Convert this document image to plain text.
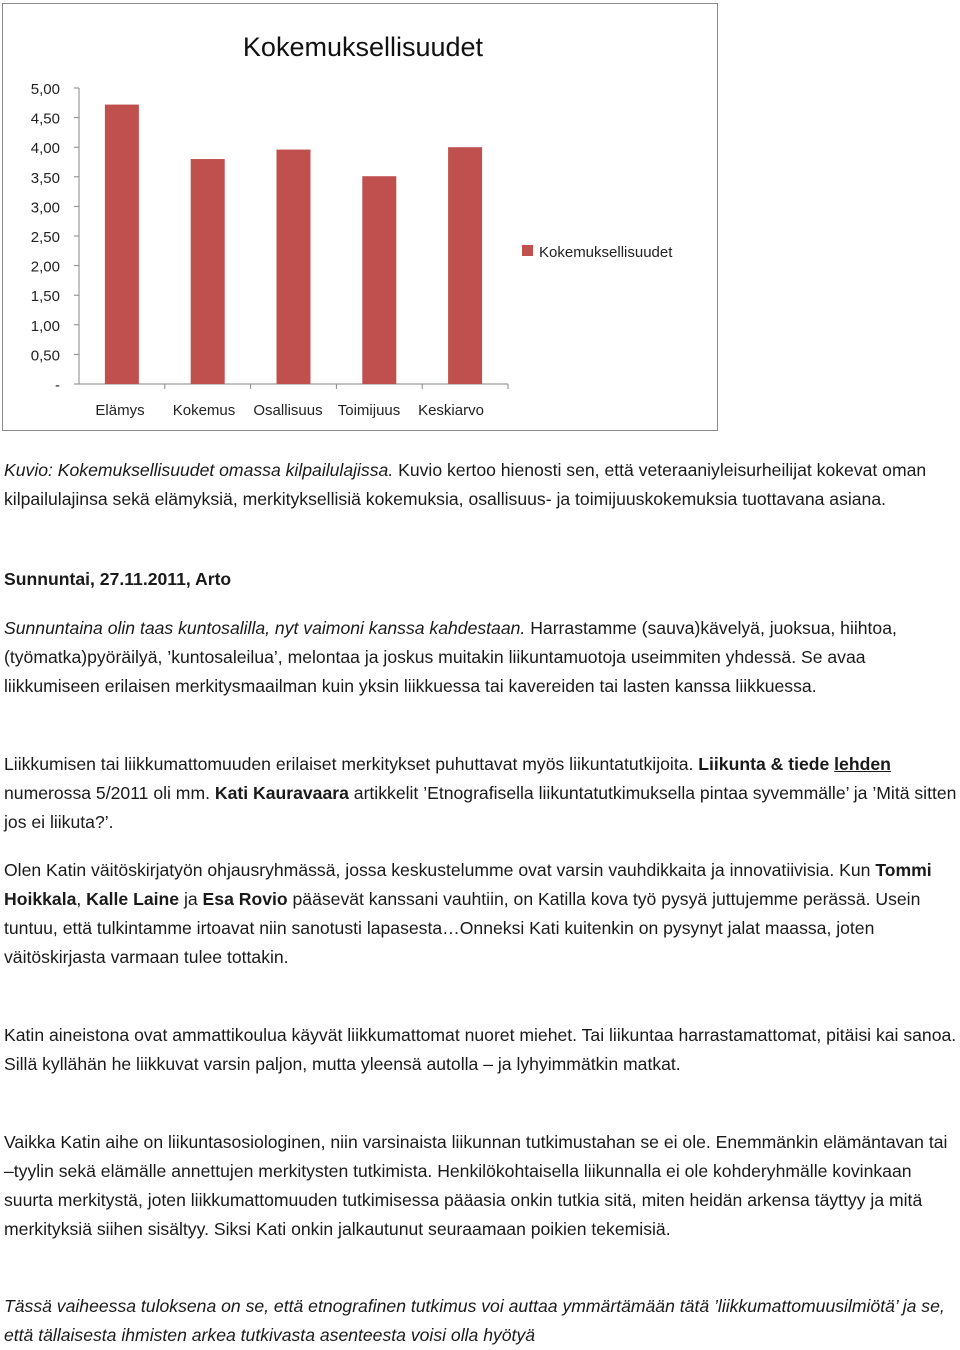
Kokemuksellisuudet
-
0,50
1,00
1,50
2,00
2,50
3,00
3,50
4,00
4,50
5,00
Elämys Kokemus Osallisuus Toimijuus Keskiarvo
Kokemuksellisuudet

Kuvio: Kokemuksellisuudet omassa kilpailulajissa. Kuvio kertoo hienosti sen, että veteraaniyleisurheilijat kokevat oman kilpailulajinsa sekä elämyksiä, merkityksellisiä kokemuksia, osallisuus- ja toimijuuskokemuksia tuottavana asiana.

Sunnuntai, 27.11.2011, Arto

Sunnuntaina olin taas kuntosalilla, nyt vaimoni kanssa kahdestaan. Harrastamme (sauva)kävelyä, juoksua, hiihtoa, (työmatka)pyöräilyä, ’kuntosaleilua’, melontaa ja joskus muitakin liikuntamuotoja useimmiten yhdessä. Se avaa liikkumiseen erilaisen merkitysmaailman kuin yksin liikkuessa tai kavereiden tai lasten kanssa liikkuessa.

Liikkumisen tai liikkumattomuuden erilaiset merkitykset puhuttavat myös liikuntatutkijoita. Liikunta & tiede lehden numerossa 5/2011 oli mm. Kati Kauravaara artikkelit ’Etnografisella liikuntatutkimuksella pintaa syvemmälle’ ja ’Mitä sitten jos ei liikuta?’.

Olen Katin väitöskirjatyön ohjausryhmässä, jossa keskustelumme ovat varsin vauhdikkaita ja innovatiivisia. Kun Tommi Hoikkala, Kalle Laine ja Esa Rovio pääsevät kanssani vauhtiin, on Katilla kova työ pysyä juttujemme perässä. Usein tuntuu, että tulkintamme irtoavat niin sanotusti lapasesta…Onneksi Kati kuitenkin on pysynyt jalat maassa, joten väitöskirjasta varmaan tulee tottakin.

Katin aineistona ovat ammattikoulua käyvät liikkumattomat nuoret miehet. Tai liikuntaa harrastamattomat, pitäisi kai sanoa. Sillä kyllähän he liikkuvat varsin paljon, mutta yleensä autolla – ja lyhyimmätkin matkat.
Vaikka Katin aihe on liikuntasosiologinen, niin varsinaista liikunnan tutkimustahan se ei ole. Enemmänkin elämäntavan tai –tyylin sekä elämälle annettujen merkitysten tutkimista. Henkilökohtaisella liikunnalla ei ole kohderyhmälle kovinkaan suurta merkitystä, joten liikkumattomuuden tutkimisessa pääasia onkin tutkia sitä, miten heidän arkensa täyttyy ja mitä merkityksiä siihen sisältyy. Siksi Kati onkin jalkautunut seuraamaan poikien tekemisiä.
Tässä vaiheessa tuloksena on se, että etnografinen tutkimus voi auttaa ymmärtämään tätä ’liikkumattomuusilmiötä’ ja se, että tällaisesta ihmisten arkea tutkivasta asenteesta voisi olla hyötyä
